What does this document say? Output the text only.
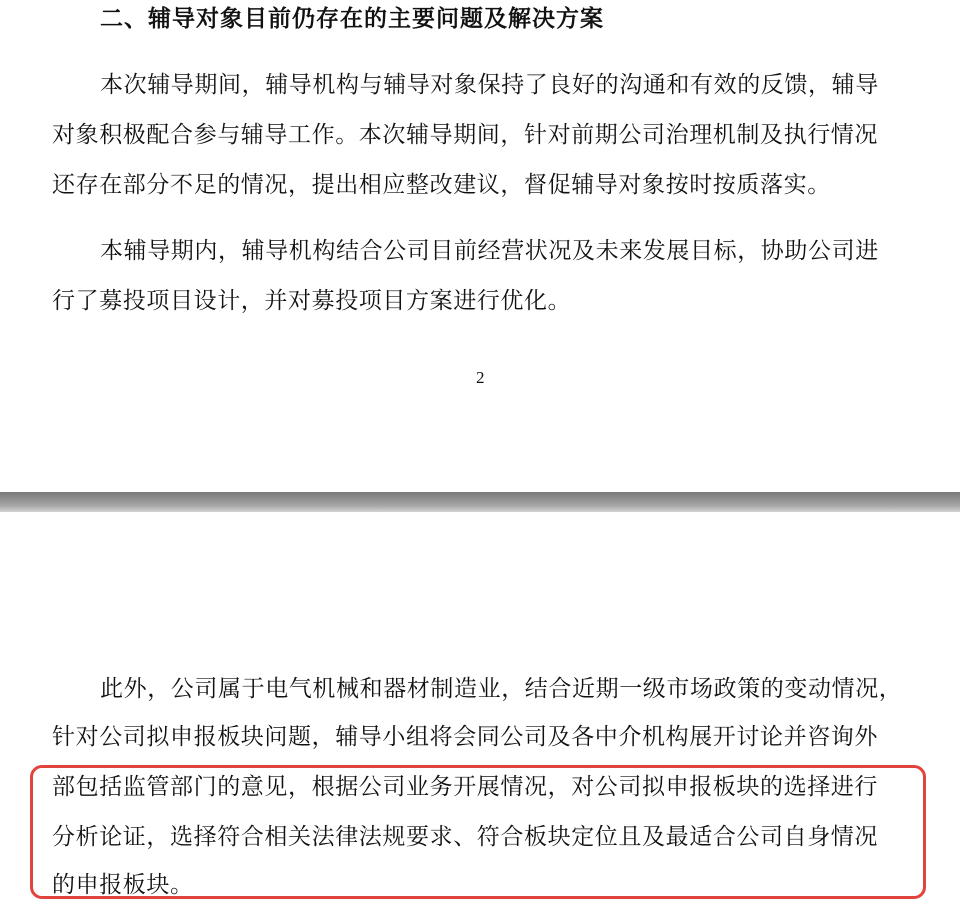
二、辅导对象目前仍存在的主要问题及解决方案
本次辅导期间，辅导机构与辅导对象保持了良好的沟通和有效的反馈，辅导
对象积极配合参与辅导工作。本次辅导期间，针对前期公司治理机制及执行情况
还存在部分不足的情况，提出相应整改建议，督促辅导对象按时按质落实。
本辅导期内，辅导机构结合公司目前经营状况及未来发展目标，协助公司进
行了募投项目设计，并对募投项目方案进行优化。
2
此外，公司属于电气机械和器材制造业，结合近期一级市场政策的变动情况，
针对公司拟申报板块问题，辅导小组将会同公司及各中介机构展开讨论并咨询外
部包括监管部门的意见，根据公司业务开展情况，对公司拟申报板块的选择进行
分析论证，选择符合相关法律法规要求、符合板块定位且及最适合公司自身情况
的申报板块。
